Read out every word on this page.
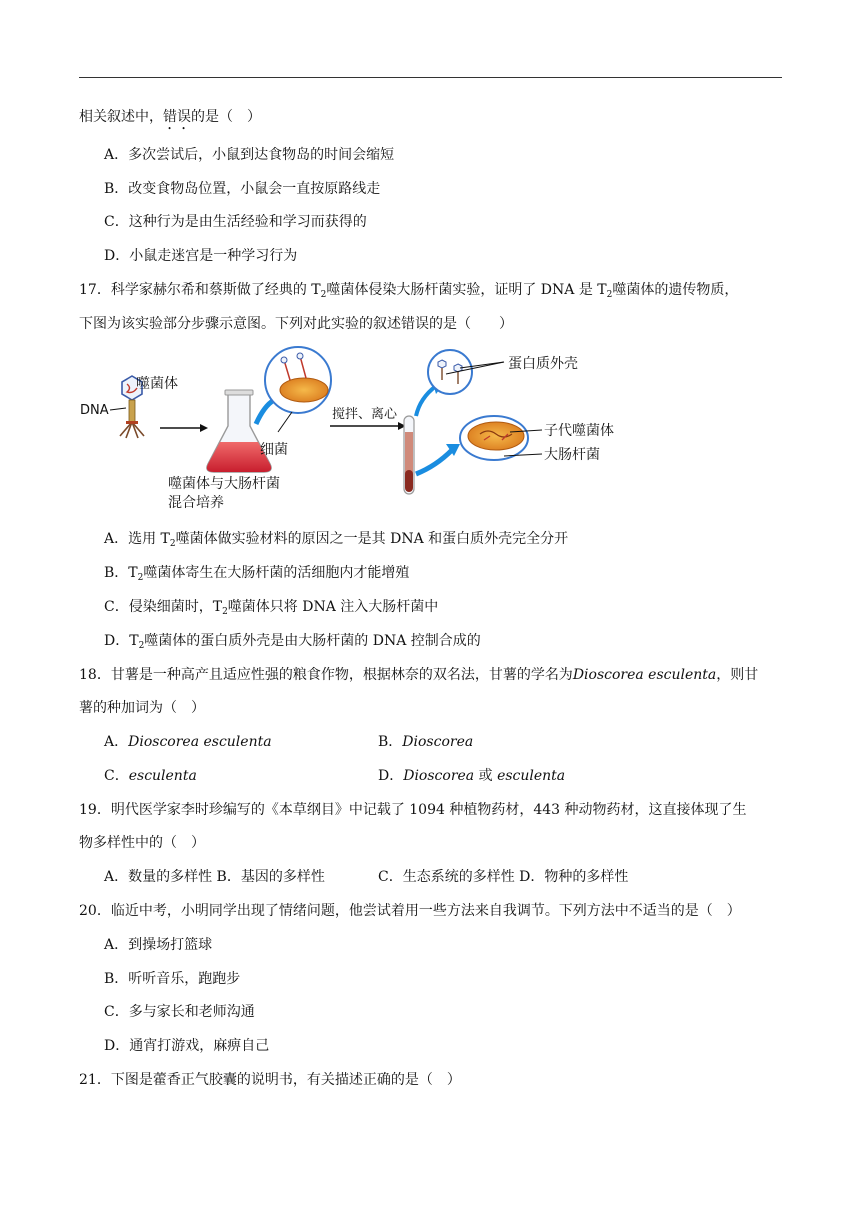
相关叙述中，错误的是（　）
A．多次尝试后，小鼠到达食物岛的时间会缩短
B．改变食物岛位置，小鼠会一直按原路线走
C．这种行为是由生活经验和学习而获得的
D．小鼠走迷宫是一种学习行为
17．科学家赫尔希和蔡斯做了经典的 $T_2$噬菌体侵染大肠杆菌实验，证明了 DNA 是 $T_2$噬菌体的遗传物质，
下图为该实验部分步骤示意图。下列对此实验的叙述错误的是（　　）
噬菌体
DNA
噬菌体与大肠杆菌
混合培养
细菌
搅拌、离心
蛋白质外壳
子代噬菌体
大肠杆菌
A．选用 $T_2$噬菌体做实验材料的原因之一是其 DNA 和蛋白质外壳完全分开
B．$T_2$噬菌体寄生在大肠杆菌的活细胞内才能增殖
C．侵染细菌时，$T_2$噬菌体只将 DNA 注入大肠杆菌中
D．$T_2$噬菌体的蛋白质外壳是由大肠杆菌的 DNA 控制合成的
18．甘薯是一种高产且适应性强的粮食作物，根据林奈的双名法，甘薯的学名为Dioscorea esculenta，则甘
薯的种加词为（　）
A．Dioscorea esculenta	B．Dioscorea
C．esculenta	D．Dioscorea 或 esculenta
19．明代医学家李时珍编写的《本草纲目》中记载了 1094 种植物药材，443 种动物药材，这直接体现了生
物多样性中的（　）
A．数量的多样性 B．基因的多样性	C．生态系统的多样性 D．物种的多样性
20．临近中考，小明同学出现了情绪问题，他尝试着用一些方法来自我调节。下列方法中不适当的是（　）
A．到操场打篮球
B．听听音乐，跑跑步
C．多与家长和老师沟通
D．通宵打游戏，麻痹自己
21．下图是藿香正气胶囊的说明书，有关描述正确的是（　）
